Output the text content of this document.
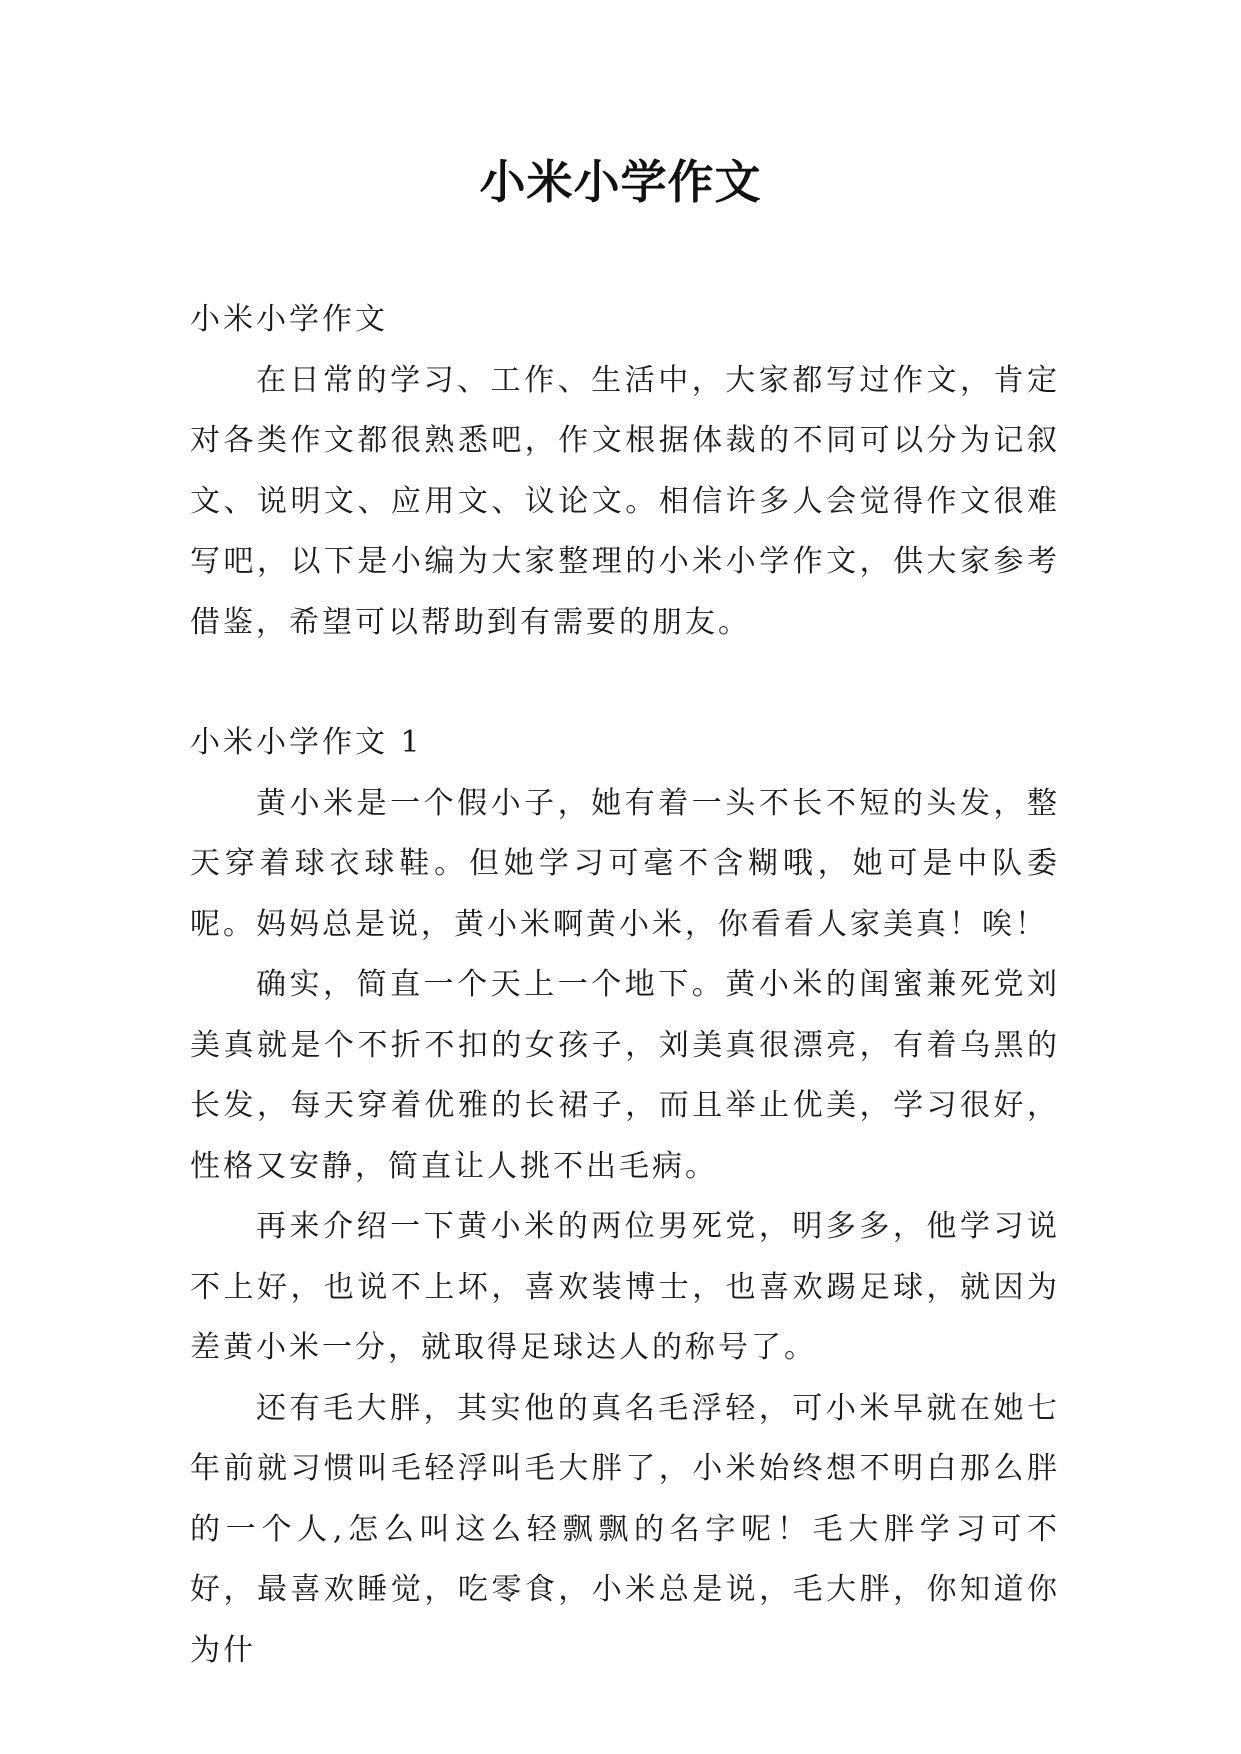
小米小学作文
小米小学作文

在日常的学习、工作、生活中，大家都写过作文，肯定对各类作文都很熟悉吧，作文根据体裁的不同可以分为记叙文、说明文、应用文、议论文。相信许多人会觉得作文很难写吧，以下是小编为大家整理的小米小学作文，供大家参考借鉴，希望可以帮助到有需要的朋友。

小米小学作文 1

黄小米是一个假小子，她有着一头不长不短的头发，整天穿着球衣球鞋。但她学习可毫不含糊哦，她可是中队委呢。妈妈总是说，黄小米啊黄小米，你看看人家美真！唉！

确实，简直一个天上一个地下。黄小米的闺蜜兼死党刘美真就是个不折不扣的女孩子，刘美真很漂亮，有着乌黑的长发，每天穿着优雅的长裙子，而且举止优美，学习很好，性格又安静，简直让人挑不出毛病。

再来介绍一下黄小米的两位男死党，明多多，他学习说不上好，也说不上坏，喜欢装博士，也喜欢踢足球，就因为差黄小米一分，就取得足球达人的称号了。

还有毛大胖，其实他的真名毛浮轻，可小米早就在她七年前就习惯叫毛轻浮叫毛大胖了，小米始终想不明白那么胖的一个人,怎么叫这么轻飘飘的名字呢！毛大胖学习可不好，最喜欢睡觉，吃零食，小米总是说，毛大胖，你知道你为什
